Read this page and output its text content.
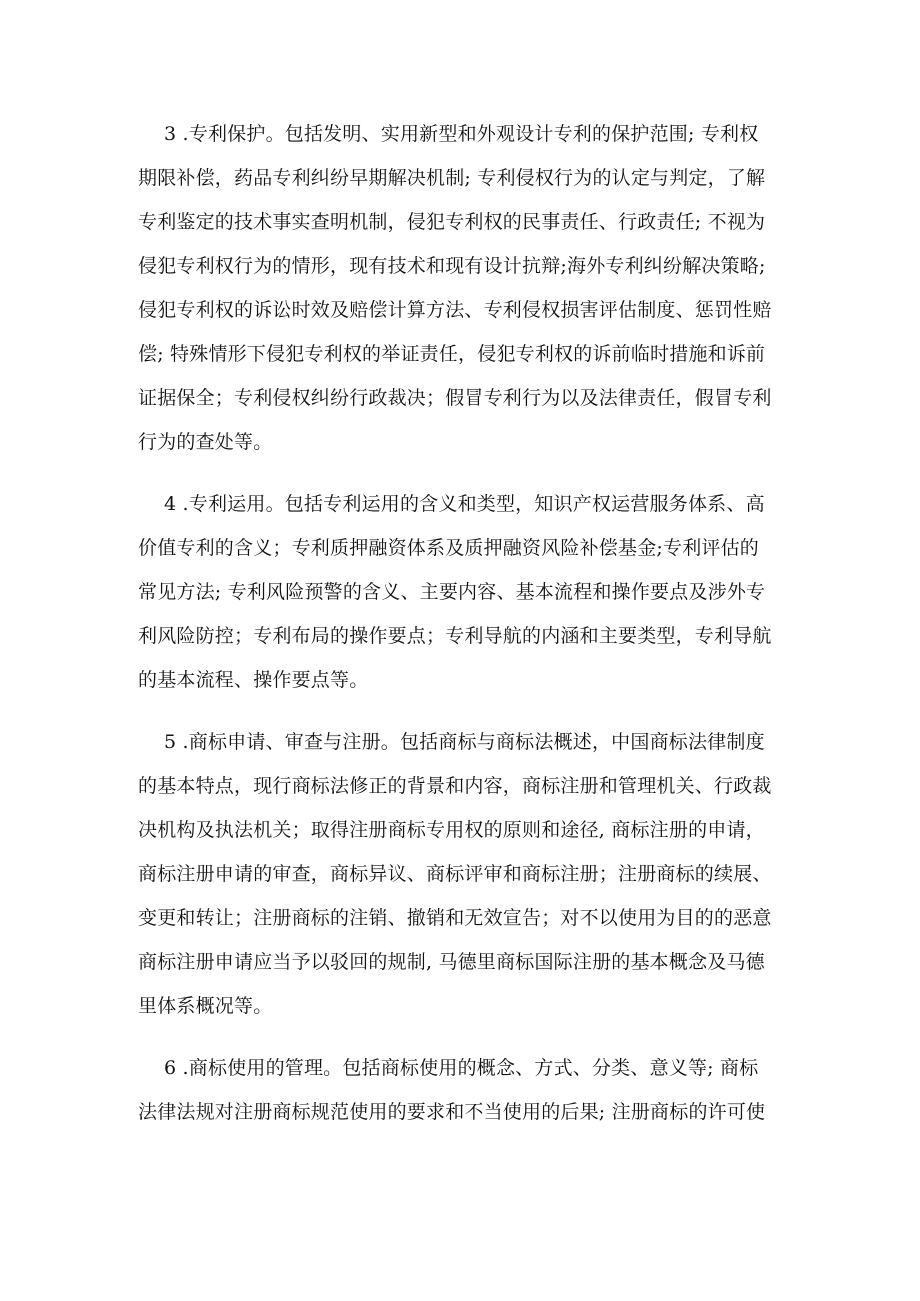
3 .专利保护。包括发明、实用新型和外观设计专利的保护范围; 专利权
期限补偿，药品专利纠纷早期解决机制; 专利侵权行为的认定与判定，了解
专利鉴定的技术事实查明机制，侵犯专利权的民事责任、行政责任; 不视为
侵犯专利权行为的情形，现有技术和现有设计抗辩;海外专利纠纷解决策略;
侵犯专利权的诉讼时效及赔偿计算方法、专利侵权损害评估制度、惩罚性赔
偿; 特殊情形下侵犯专利权的举证责任，侵犯专利权的诉前临时措施和诉前
证据保全；专利侵权纠纷行政裁决；假冒专利行为以及法律责任，假冒专利
行为的查处等。
4 .专利运用。包括专利运用的含义和类型，知识产权运营服务体系、高
价值专利的含义；专利质押融资体系及质押融资风险补偿基金;专利评估的
常见方法; 专利风险预警的含义、主要内容、基本流程和操作要点及涉外专
利风险防控；专利布局的操作要点；专利导航的内涵和主要类型，专利导航
的基本流程、操作要点等。
5 .商标申请、审查与注册。包括商标与商标法概述，中国商标法律制度
的基本特点，现行商标法修正的背景和内容，商标注册和管理机关、行政裁
决机构及执法机关；取得注册商标专用权的原则和途径, 商标注册的申请，
商标注册申请的审查，商标异议、商标评审和商标注册；注册商标的续展、
变更和转让；注册商标的注销、撤销和无效宣告；对不以使用为目的的恶意
商标注册申请应当予以驳回的规制, 马德里商标国际注册的基本概念及马德
里体系概况等。
6 .商标使用的管理。包括商标使用的概念、方式、分类、意义等; 商标
法律法规对注册商标规范使用的要求和不当使用的后果; 注册商标的许可使
